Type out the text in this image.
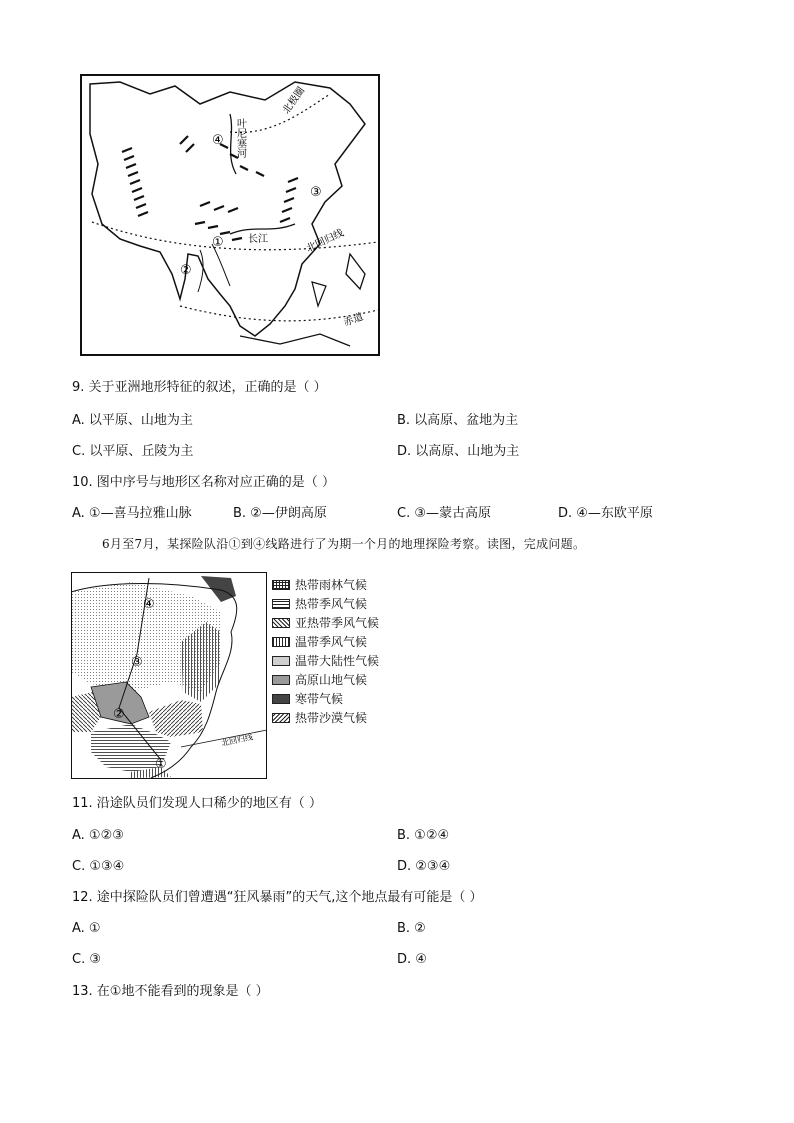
北极圈
北回归线
赤道
长江
叶尼塞河
①
②
③
④
9. 关于亚洲地形特征的叙述，正确的是（ ）
A. 以平原、山地为主	B. 以高原、盆地为主
C. 以平原、丘陵为主	D. 以高原、山地为主
10. 图中序号与地形区名称对应正确的是（ ）
A. ①—喜马拉雅山脉	B. ②—伊朗高原	C. ③—蒙古高原	D. ④—东欧平原
6月至7月，某探险队沿①到④线路进行了为期一个月的地理探险考察。读图，完成问题。
北回归线
④
③
②
①
热带雨林气候
热带季风气候
亚热带季风气候
温带季风气候
温带大陆性气候
高原山地气候
寒带气候
热带沙漠气候
11. 沿途队员们发现人口稀少的地区有（ ）
A. ①②③	B. ①②④
C. ①③④	D. ②③④
12. 途中探险队员们曾遭遇“狂风暴雨”的天气,这个地点最有可能是（ ）
A. ①	B. ②
C. ③	D. ④
13. 在①地不能看到的现象是（ ）
